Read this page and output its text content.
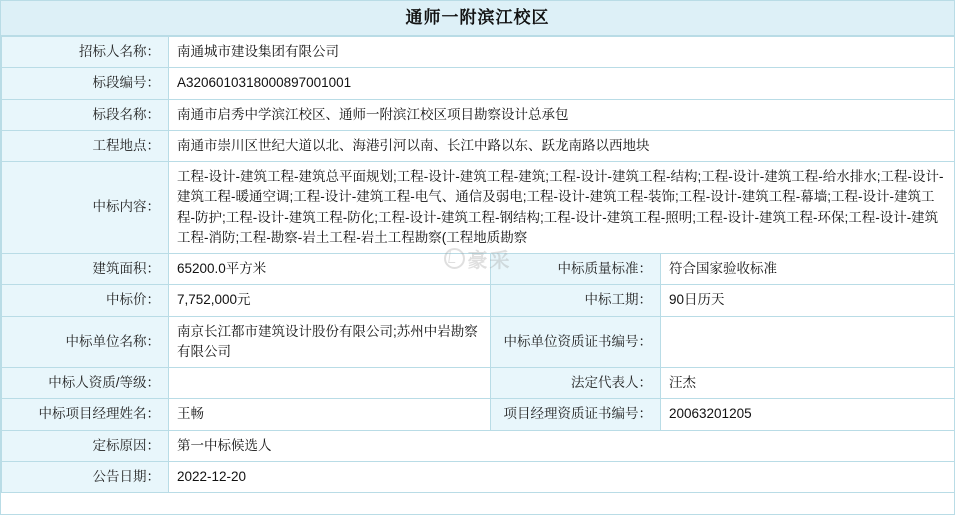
通师一附滨江校区
招标人名称：	南通城市建设集团有限公司		
标段编号：	A3206010318000897001001		
标段名称：	南通市启秀中学滨江校区、通师一附滨江校区项目勘察设计总承包		
工程地点：	南通市崇川区世纪大道以北、海港引河以南、长江中路以东、跃龙南路以西地块		
中标内容：	工程-设计-建筑工程-建筑总平面规划;工程-设计-建筑工程-建筑;工程-设计-建筑工程-结构;工程-设计-建筑工程-给水排水;工程-设计-建筑工程-暖通空调;工程-设计-建筑工程-电气、通信及弱电;工程-设计-建筑工程-装饰;工程-设计-建筑工程-幕墙;工程-设计-建筑工程-防护;工程-设计-建筑工程-防化;工程-设计-建筑工程-钢结构;工程-设计-建筑工程-照明;工程-设计-建筑工程-环保;工程-设计-建筑工程-消防;工程-勘察-岩土工程-岩土工程勘察(工程地质勘察		
建筑面积：	65200.0平方米	中标质量标准：	符合国家验收标准
中标价：	7,752,000元	中标工期：	90日历天
中标单位名称：	南京长江都市建筑设计股份有限公司;苏州中岩勘察有限公司	中标单位资质证书编号：	
中标人资质/等级：		法定代表人：	汪杰
中标项目经理姓名：	王畅	项目经理资质证书编号：	20063201205
定标原因：	第一中标候选人		
公告日期：	2022-12-20		
豪采
